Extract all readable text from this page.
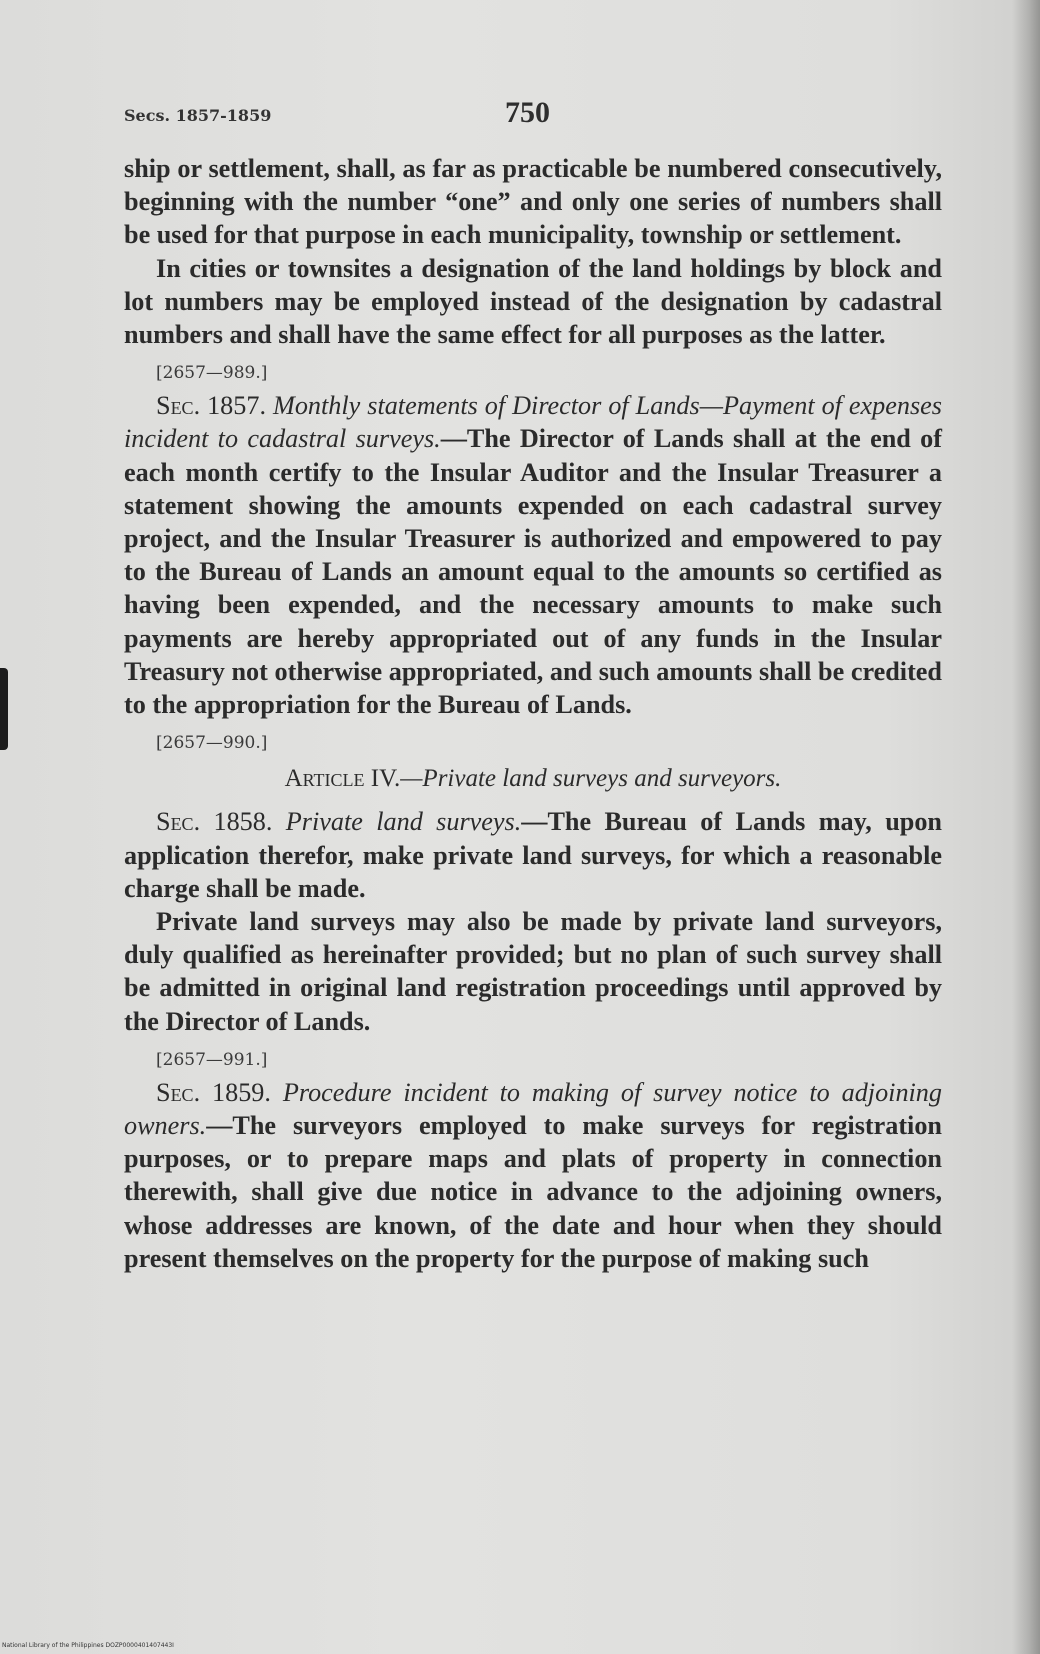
Secs. 1857-1859	750

ship or settlement, shall, as far as practicable be numbered consecutively, beginning with the number “one” and only one series of numbers shall be used for that purpose in each municipality, township or settlement.

In cities or townsites a designation of the land holdings by block and lot numbers may be employed instead of the designation by cadastral numbers and shall have the same effect for all purposes as the latter.

[2657—989.]

Sec. 1857. Monthly statements of Director of Lands—Payment of expenses incident to cadastral surveys.—The Director of Lands shall at the end of each month certify to the Insular Auditor and the Insular Treasurer a statement showing the amounts expended on each cadastral survey project, and the Insular Treasurer is authorized and empowered to pay to the Bureau of Lands an amount equal to the amounts so certified as having been expended, and the necessary amounts to make such payments are hereby appropriated out of any funds in the Insular Treasury not otherwise appropriated, and such amounts shall be credited to the appropriation for the Bureau of Lands.

[2657—990.]

Article IV.—Private land surveys and surveyors.

Sec. 1858. Private land surveys.—The Bureau of Lands may, upon application therefor, make private land surveys, for which a reasonable charge shall be made.

Private land surveys may also be made by private land surveyors, duly qualified as hereinafter provided; but no plan of such survey shall be admitted in original land registration proceedings until approved by the Director of Lands.

[2657—991.]

Sec. 1859. Procedure incident to making of survey notice to adjoining owners.—The surveyors employed to make surveys for registration purposes, or to prepare maps and plats of property in connection therewith, shall give due notice in advance to the adjoining owners, whose addresses are known, of the date and hour when they should present themselves on the property for the purpose of making such

National Library of the Philippines DOZP0000401407443I
